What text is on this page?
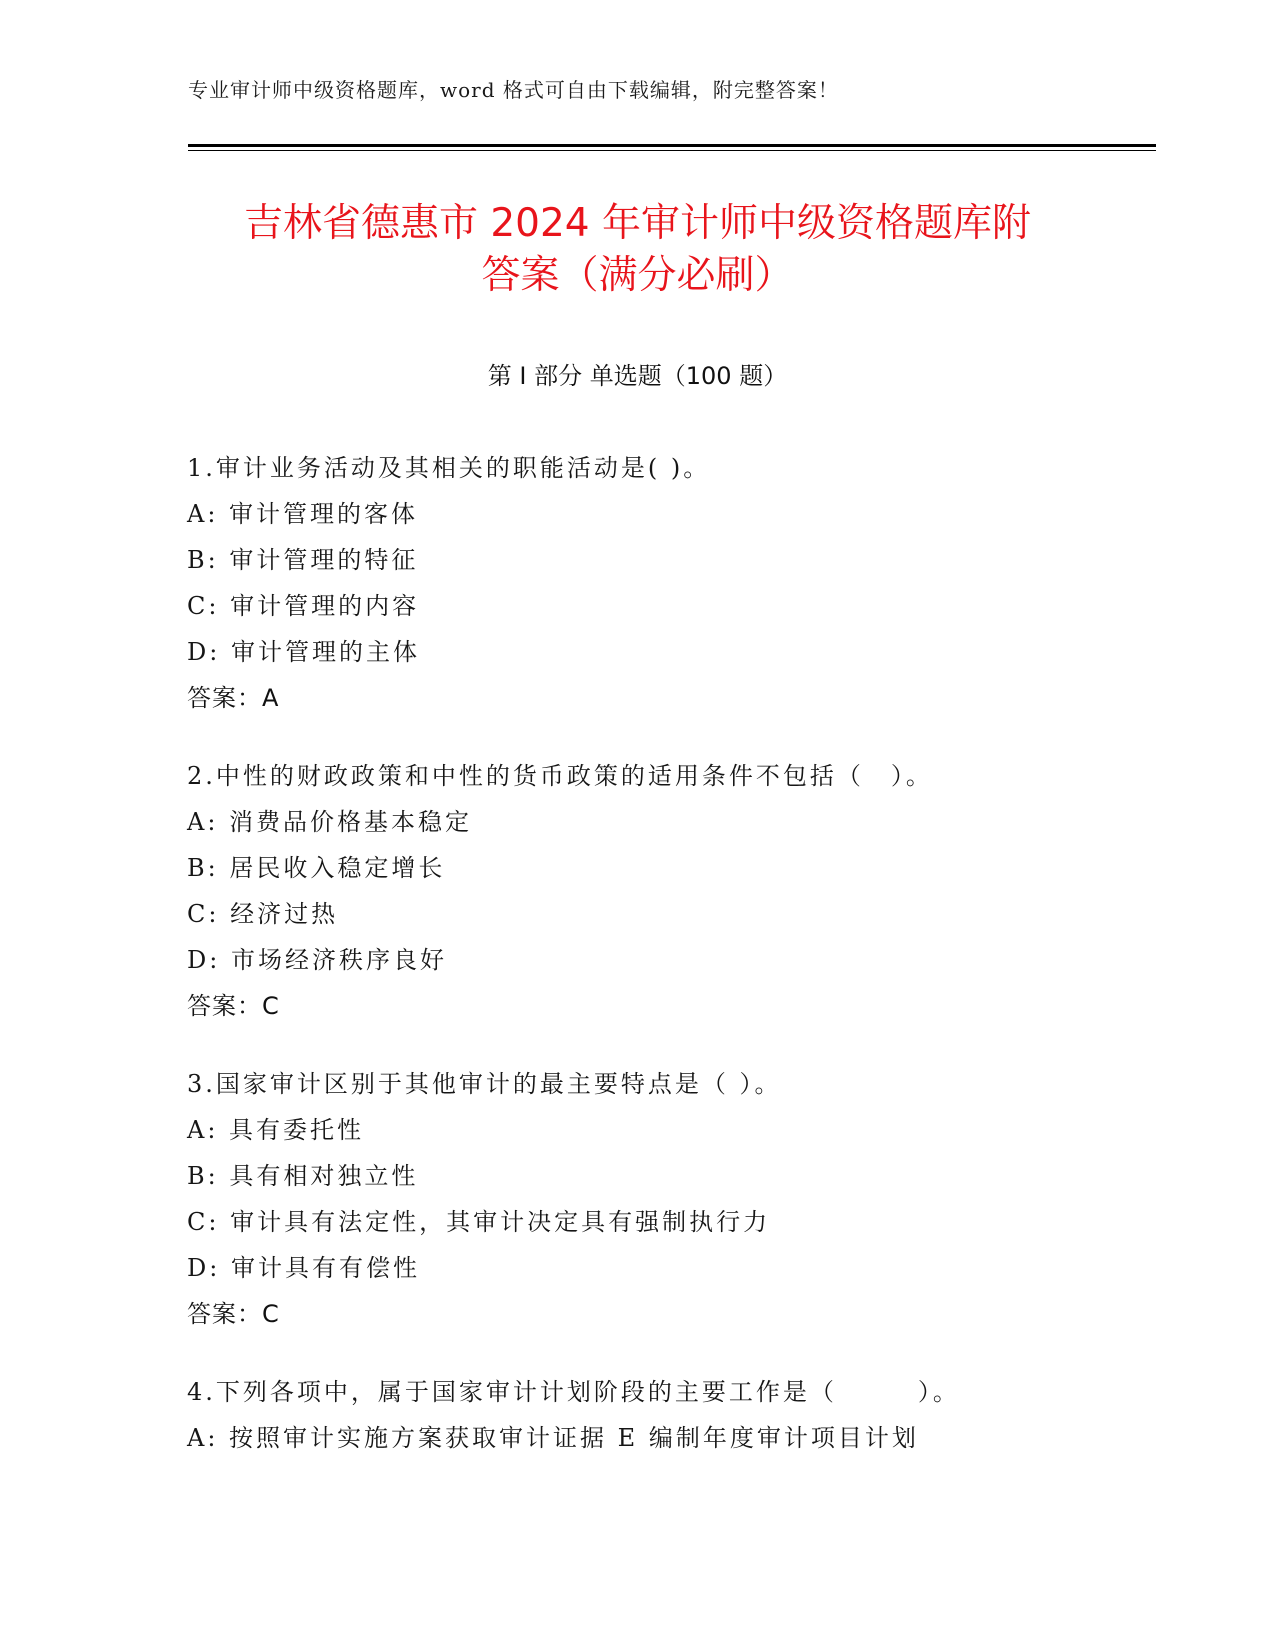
专业审计师中级资格题库，word 格式可自由下载编辑，附完整答案！
吉林省德惠市 2024 年审计师中级资格题库附
答案（满分必刷）
第 I 部分 单选题（100 题）
1.审计业务活动及其相关的职能活动是( )。
A: 审计管理的客体
B: 审计管理的特征
C: 审计管理的内容
D: 审计管理的主体
答案：A
2.中性的财政政策和中性的货币政策的适用条件不包括（　）。
A: 消费品价格基本稳定
B: 居民收入稳定增长
C: 经济过热
D: 市场经济秩序良好
答案：C
3.国家审计区别于其他审计的最主要特点是（ ）。
A: 具有委托性
B: 具有相对独立性
C: 审计具有法定性，其审计决定具有强制执行力
D: 审计具有有偿性
答案：C
4.下列各项中，属于国家审计计划阶段的主要工作是（　　　）。
A: 按照审计实施方案获取审计证据 E 编制年度审计项目计划
